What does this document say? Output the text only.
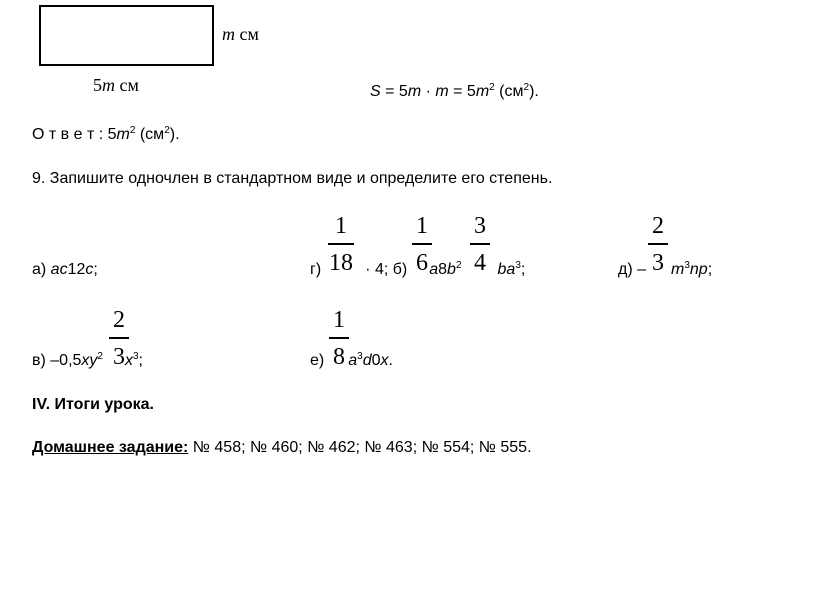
m см
5m см	$S = 5m \cdot m = 5m^2$ $(см^2)$.
О т в е т : $5m^2$ $(см^2)$.
9. Запишите одночлен в стандартном виде и определите его степень.
1
18
1
6
3
4
2
3
а) ac12c;	г)	· 4; б) $a8b^2$ $ba^3$;	$д) - m^3np$;
2
3
1
8
в) $-0,5xy^2$ $x^3$;	е) $a^3d0x$.
IV. Итоги урока.
Домашнее задание: № 458; № 460; № 462; № 463; № 554; № 555.
